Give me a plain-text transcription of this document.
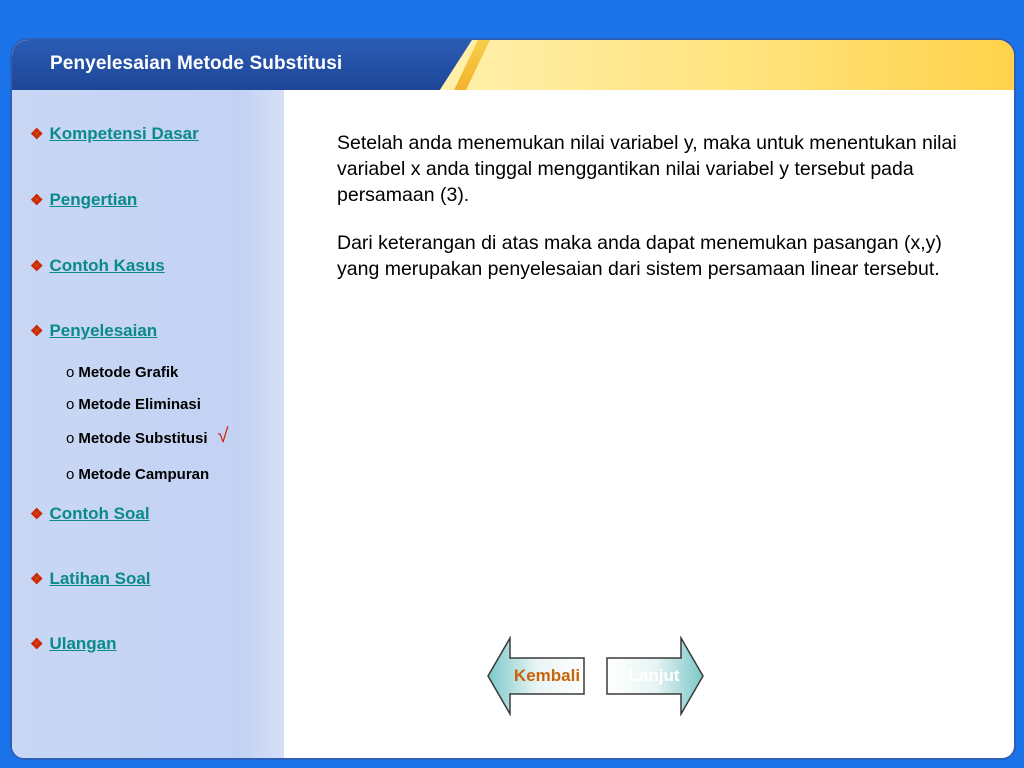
Penyelesaian Metode Substitusi
❖ Kompetensi Dasar
❖ Pengertian
❖ Contoh Kasus
❖ Penyelesaian
o Metode Grafik
o Metode Eliminasi
o Metode Substitusi √
o Metode Campuran
❖ Contoh Soal
❖ Latihan Soal
❖ Ulangan

Setelah anda menemukan nilai variabel y, maka untuk menentukan nilai variabel x anda tinggal menggantikan nilai variabel y tersebut pada persamaan (3).

Dari keterangan di atas maka anda dapat menemukan pasangan (x,y) yang merupakan penyelesaian dari sistem persamaan linear tersebut.

Kembali	Lanjut
